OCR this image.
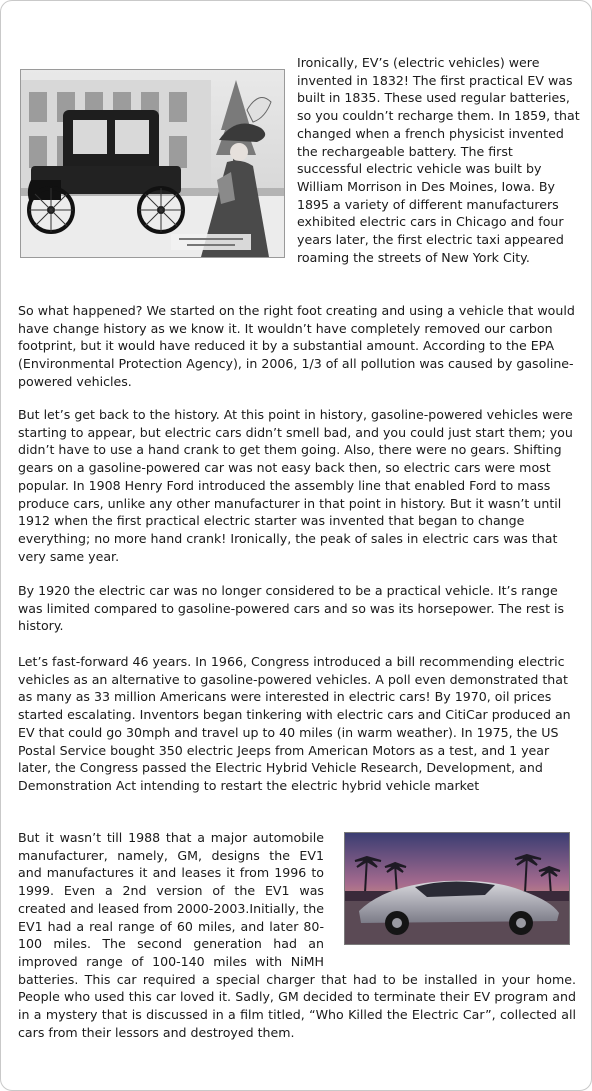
Ironically, EV’s (electric vehicles) were invented in 1832! The first practical EV was built in 1835. These used regular batteries, so you couldn’t recharge them. In 1859, that changed when a french physicist invented the rechargeable battery. The first successful electric vehicle was built by William Morrison in Des Moines, Iowa. By 1895 a variety of different manufacturers exhibited electric cars in Chicago and four years later, the first electric taxi appeared roaming the streets of New York City.

So what happened? We started on the right foot creating and using a vehicle that would have change history as we know it. It wouldn’t have completely removed our carbon footprint, but it would have reduced it by a substantial amount. According to the EPA (Environmental Protection Agency), in 2006, 1/3 of all pollution was caused by gasoline-powered vehicles.

But let’s get back to the history. At this point in history, gasoline-powered vehicles were starting to appear, but electric cars didn’t smell bad, and you could just start them; you didn’t have to use a hand crank to get them going. Also, there were no gears. Shifting gears on a gasoline-powered car was not easy back then, so electric cars were most popular. In 1908 Henry Ford introduced the assembly line that enabled Ford to mass produce cars, unlike any other manufacturer in that point in history. But it wasn’t until 1912 when the first practical electric starter was invented that began to change everything; no more hand crank! Ironically, the peak of sales in electric cars was that very same year.

By 1920 the electric car was no longer considered to be a practical vehicle. It’s range was limited compared to gasoline-powered cars and so was its horsepower. The rest is history.

Let’s fast-forward 46 years. In 1966, Congress introduced a bill recommending electric vehicles as an alternative to gasoline-powered vehicles. A poll even demonstrated that as many as 33 million Americans were interested in electric cars! By 1970, oil prices started escalating. Inventors began tinkering with electric cars and CitiCar produced an EV that could go 30mph and travel up to 40 miles (in warm weather). In 1975, the US Postal Service bought 350 electric Jeeps from American Motors as a test, and 1 year later, the Congress passed the Electric Hybrid Vehicle Research, Development, and Demonstration Act intending to restart the electric hybrid vehicle market

But it wasn’t till 1988 that a major automobile manufacturer, namely, GM, designs the EV1 and manufactures it and leases it from 1996 to 1999. Even a 2nd version of the EV1 was created and leased from 2000-2003.Initially, the EV1 had a real range of 60 miles, and later 80-100 miles. The second generation had an improved range of 100-140 miles with NiMH batteries. This car required a special charger that had to be installed in your home. People who used this car loved it. Sadly, GM decided to terminate their EV program and in a mystery that is discussed in a film titled, “Who Killed the Electric Car”, collected all cars from their lessors and destroyed them.
